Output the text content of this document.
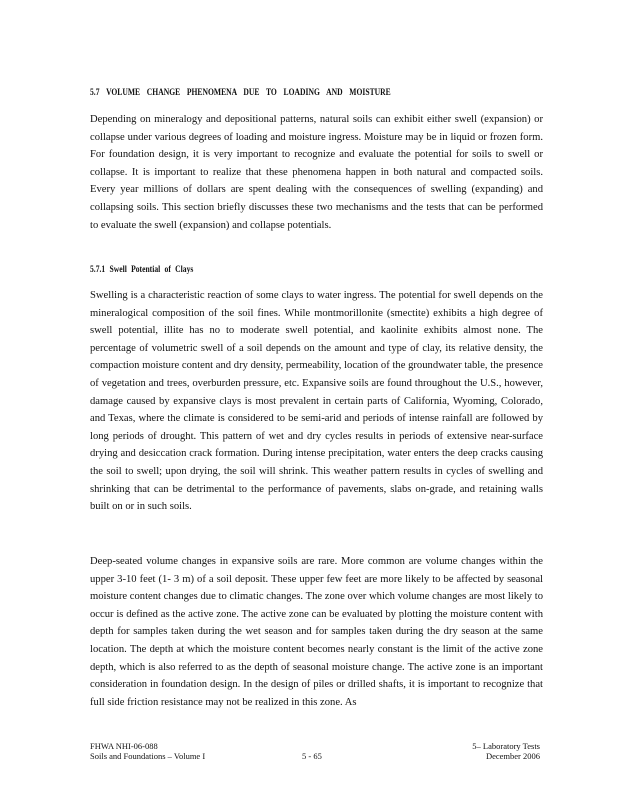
5.7 VOLUME CHANGE PHENOMENA DUE TO LOADING AND MOISTURE
Depending on mineralogy and depositional patterns, natural soils can exhibit either swell (expansion) or collapse under various degrees of loading and moisture ingress. Moisture may be in liquid or frozen form. For foundation design, it is very important to recognize and evaluate the potential for soils to swell or collapse. It is important to realize that these phenomena happen in both natural and compacted soils. Every year millions of dollars are spent dealing with the consequences of swelling (expanding) and collapsing soils. This section briefly discusses these two mechanisms and the tests that can be performed to evaluate the swell (expansion) and collapse potentials.
5.7.1 Swell Potential of Clays
Swelling is a characteristic reaction of some clays to water ingress. The potential for swell depends on the mineralogical composition of the soil fines. While montmorillonite (smectite) exhibits a high degree of swell potential, illite has no to moderate swell potential, and kaolinite exhibits almost none. The percentage of volumetric swell of a soil depends on the amount and type of clay, its relative density, the compaction moisture content and dry density, permeability, location of the groundwater table, the presence of vegetation and trees, overburden pressure, etc. Expansive soils are found throughout the U.S., however, damage caused by expansive clays is most prevalent in certain parts of California, Wyoming, Colorado, and Texas, where the climate is considered to be semi-arid and periods of intense rainfall are followed by long periods of drought. This pattern of wet and dry cycles results in periods of extensive near-surface drying and desiccation crack formation. During intense precipitation, water enters the deep cracks causing the soil to swell; upon drying, the soil will shrink. This weather pattern results in cycles of swelling and shrinking that can be detrimental to the performance of pavements, slabs on-grade, and retaining walls built on or in such soils.
Deep-seated volume changes in expansive soils are rare. More common are volume changes within the upper 3-10 feet (1- 3 m) of a soil deposit. These upper few feet are more likely to be affected by seasonal moisture content changes due to climatic changes. The zone over which volume changes are most likely to occur is defined as the active zone. The active zone can be evaluated by plotting the moisture content with depth for samples taken during the wet season and for samples taken during the dry season at the same location. The depth at which the moisture content becomes nearly constant is the limit of the active zone depth, which is also referred to as the depth of seasonal moisture change. The active zone is an important consideration in foundation design. In the design of piles or drilled shafts, it is important to recognize that full side friction resistance may not be realized in this zone. As
FHWA NHI-06-088
Soils and Foundations – Volume I	5 - 65
5– Laboratory Tests
December 2006
